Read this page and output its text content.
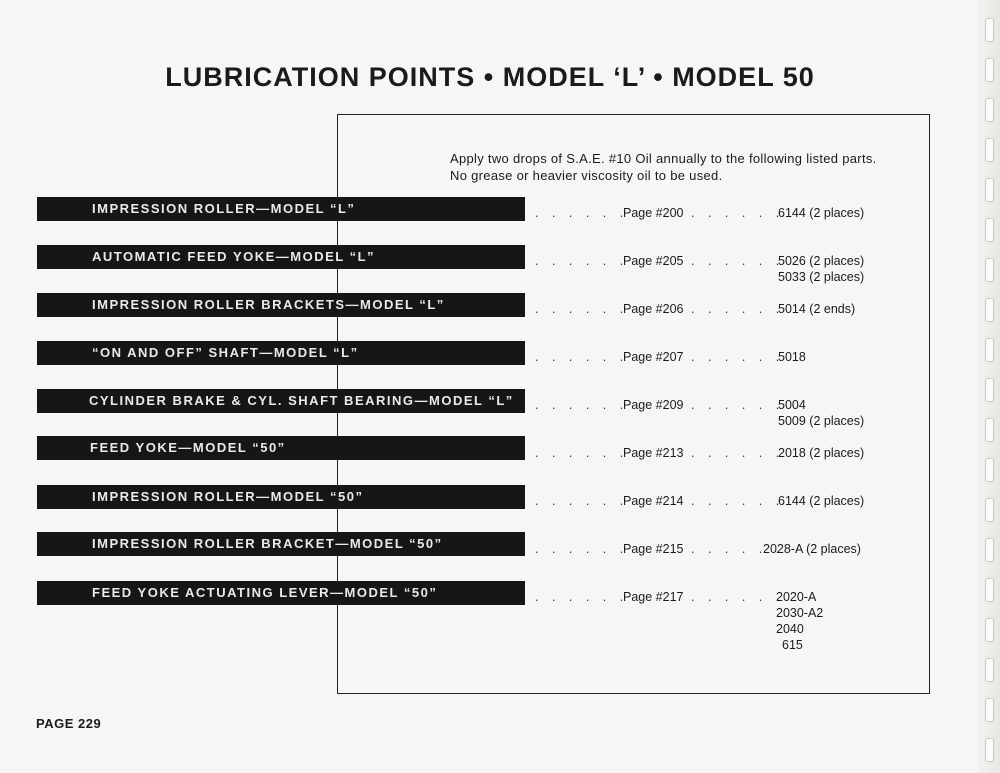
LUBRICATION POINTS • MODEL ‘L’ • MODEL 50
Apply two drops of S.A.E. #10 Oil annually to the following listed parts.
No grease or heavier viscosity oil to be used.
IMPRESSION ROLLER—MODEL “L”	. . . . . .
Page #200 . . . . . .
6144 (2 places)
AUTOMATIC FEED YOKE—MODEL “L”	. . . . . .
Page #205 . . . . . .
5026 (2 places)
5033 (2 places)
IMPRESSION ROLLER BRACKETS—MODEL “L”	. . . . . .
Page #206 . . . . . .
5014 (2 ends)
“ON AND OFF” SHAFT—MODEL “L”	. . . . . .
Page #207 . . . . . .
5018
CYLINDER BRAKE & CYL. SHAFT BEARING—MODEL “L”	. . . . . .
Page #209 . . . . . .
5004
5009 (2 places)
FEED YOKE—MODEL “50”	. . . . . .
Page #213 . . . . . .
2018 (2 places)
IMPRESSION ROLLER—MODEL “50”	. . . . . .
Page #214 . . . . . .
6144 (2 places)
IMPRESSION ROLLER BRACKET—MODEL “50”	. . . . . .
Page #215 . . . . . .
2028-A (2 places)
FEED YOKE ACTUATING LEVER—MODEL “50”	. . . . . .
Page #217 . . . . . .
2020-A
2030-A2
2040
615
PAGE 229
